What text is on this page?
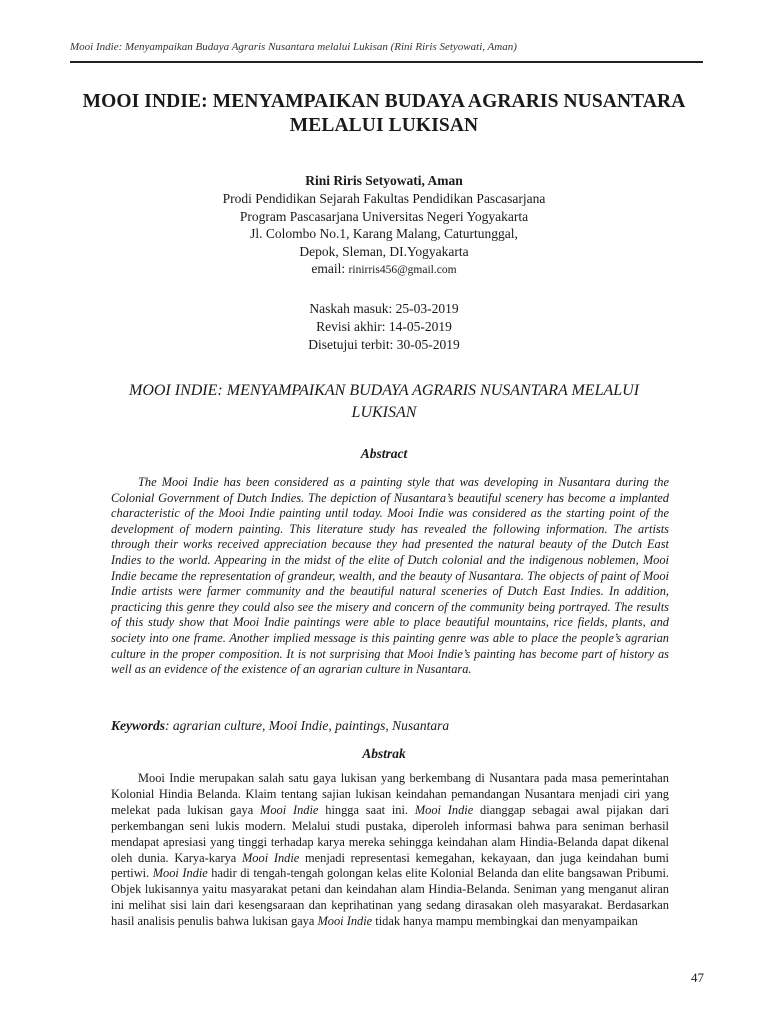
Mooi Indie: Menyampaikan Budaya Agraris Nusantara melalui Lukisan (Rini Riris Setyowati, Aman)
MOOI INDIE: MENYAMPAIKAN BUDAYA AGRARIS NUSANTARA
MELALUI LUKISAN
Rini Riris Setyowati, Aman
Prodi Pendidikan Sejarah Fakultas Pendidikan Pascasarjana
Program Pascasarjana Universitas Negeri Yogyakarta
Jl. Colombo No.1, Karang Malang, Caturtunggal,
Depok, Sleman, DI.Yogyakarta
email: rinirris456@gmail.com
Naskah masuk: 25-03-2019
Revisi akhir: 14-05-2019
Disetujui terbit: 30-05-2019
MOOI INDIE: MENYAMPAIKAN BUDAYA AGRARIS NUSANTARA MELALUI
LUKISAN
Abstract

The Mooi Indie has been considered as a painting style that was developing in Nusantara during the Colonial Government of Dutch Indies. The depiction of Nusantara’s beautiful scenery has become a implanted characteristic of the Mooi Indie painting until today. Mooi Indie was considered as the starting point of the development of modern painting. This literature study has revealed the following information. The artists through their works received appreciation because they had presented the natural beauty of the Dutch East Indies to the world. Appearing in the midst of the elite of Dutch colonial and the indigenous noblemen, Mooi Indie became the representation of grandeur, wealth, and the beauty of Nusantara. The objects of paint of Mooi Indie artists were farmer community and the beautiful natural sceneries of Dutch East Indies. In addition, practicing this genre they could also see the misery and concern of the community being portrayed. The results of this study show that Mooi Indie paintings were able to place beautiful mountains, rice fields, plants, and society into one frame. Another implied message is this painting genre was able to place the people’s agrarian culture in the proper composition. It is not surprising that Mooi Indie’s painting has become part of history as well as an evidence of the existence of an agrarian culture in Nusantara.

Keywords: agrarian culture, Mooi Indie, paintings, Nusantara
Abstrak

Mooi Indie merupakan salah satu gaya lukisan yang berkembang di Nusantara pada masa pemerintahan Kolonial Hindia Belanda. Klaim tentang sajian lukisan keindahan pemandangan Nusantara menjadi ciri yang melekat pada lukisan gaya Mooi Indie hingga saat ini. Mooi Indie dianggap sebagai awal pijakan dari perkembangan seni lukis modern. Melalui studi pustaka, diperoleh informasi bahwa para seniman berhasil mendapat apresiasi yang tinggi terhadap karya mereka sehingga keindahan alam Hindia-Belanda dapat dikenal oleh dunia. Karya-karya Mooi Indie menjadi representasi kemegahan, kekayaan, dan juga keindahan bumi pertiwi. Mooi Indie hadir di tengah-tengah golongan kelas elite Kolonial Belanda dan elite bangsawan Pribumi. Objek lukisannya yaitu masyarakat petani dan keindahan alam Hindia-Belanda. Seniman yang menganut aliran ini melihat sisi lain dari kesengsaraan dan keprihatinan yang sedang dirasakan oleh masyarakat. Berdasarkan hasil analisis penulis bahwa lukisan gaya Mooi Indie tidak hanya mampu membingkai dan menyampaikan

47
